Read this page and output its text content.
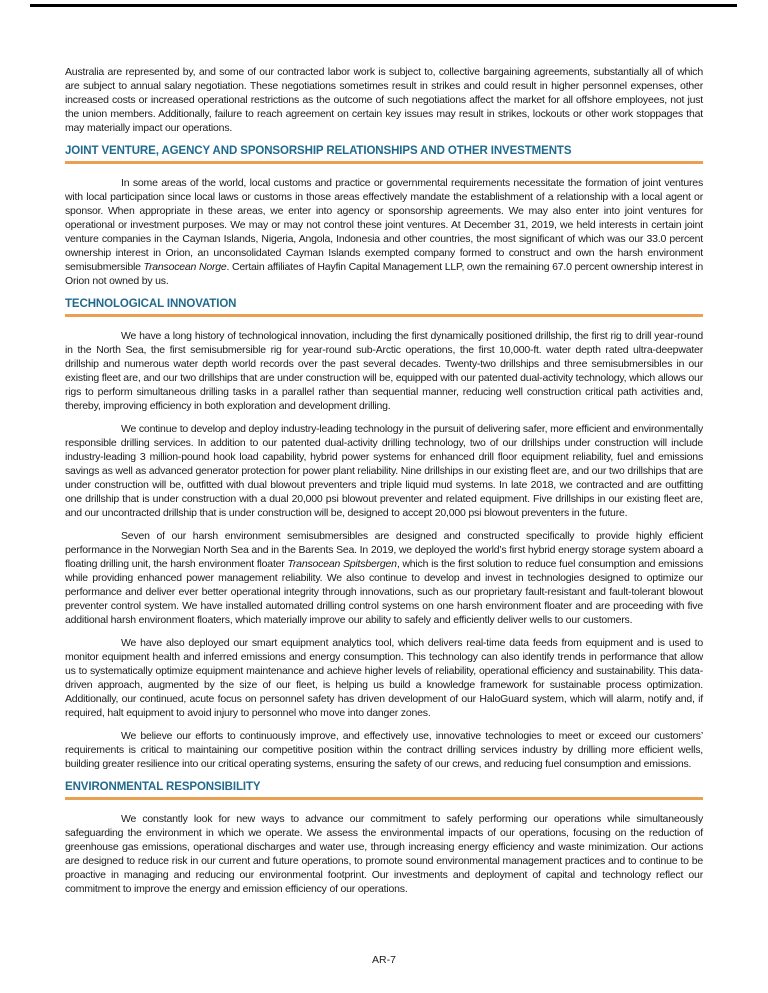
Australia are represented by, and some of our contracted labor work is subject to, collective bargaining agreements, substantially all of which are subject to annual salary negotiation. These negotiations sometimes result in strikes and could result in higher personnel expenses, other increased costs or increased operational restrictions as the outcome of such negotiations affect the market for all offshore employees, not just the union members. Additionally, failure to reach agreement on certain key issues may result in strikes, lockouts or other work stoppages that may materially impact our operations.

JOINT VENTURE, AGENCY AND SPONSORSHIP RELATIONSHIPS AND OTHER INVESTMENTS

In some areas of the world, local customs and practice or governmental requirements necessitate the formation of joint ventures with local participation since local laws or customs in those areas effectively mandate the establishment of a relationship with a local agent or sponsor. When appropriate in these areas, we enter into agency or sponsorship agreements. We may also enter into joint ventures for operational or investment purposes. We may or may not control these joint ventures. At December 31, 2019, we held interests in certain joint venture companies in the Cayman Islands, Nigeria, Angola, Indonesia and other countries, the most significant of which was our 33.0 percent ownership interest in Orion, an unconsolidated Cayman Islands exempted company formed to construct and own the harsh environment semisubmersible Transocean Norge. Certain affiliates of Hayfin Capital Management LLP, own the remaining 67.0 percent ownership interest in Orion not owned by us.

TECHNOLOGICAL INNOVATION

We have a long history of technological innovation, including the first dynamically positioned drillship, the first rig to drill year-round in the North Sea, the first semisubmersible rig for year-round sub-Arctic operations, the first 10,000-ft. water depth rated ultra-deepwater drillship and numerous water depth world records over the past several decades. Twenty-two drillships and three semisubmersibles in our existing fleet are, and our two drillships that are under construction will be, equipped with our patented dual-activity technology, which allows our rigs to perform simultaneous drilling tasks in a parallel rather than sequential manner, reducing well construction critical path activities and, thereby, improving efficiency in both exploration and development drilling.

We continue to develop and deploy industry-leading technology in the pursuit of delivering safer, more efficient and environmentally responsible drilling services. In addition to our patented dual-activity drilling technology, two of our drillships under construction will include industry-leading 3 million-pound hook load capability, hybrid power systems for enhanced drill floor equipment reliability, fuel and emissions savings as well as advanced generator protection for power plant reliability. Nine drillships in our existing fleet are, and our two drillships that are under construction will be, outfitted with dual blowout preventers and triple liquid mud systems. In late 2018, we contracted and are outfitting one drillship that is under construction with a dual 20,000 psi blowout preventer and related equipment. Five drillships in our existing fleet are, and our uncontracted drillship that is under construction will be, designed to accept 20,000 psi blowout preventers in the future.

Seven of our harsh environment semisubmersibles are designed and constructed specifically to provide highly efficient performance in the Norwegian North Sea and in the Barents Sea. In 2019, we deployed the world’s first hybrid energy storage system aboard a floating drilling unit, the harsh environment floater Transocean Spitsbergen, which is the first solution to reduce fuel consumption and emissions while providing enhanced power management reliability. We also continue to develop and invest in technologies designed to optimize our performance and deliver ever better operational integrity through innovations, such as our proprietary fault-resistant and fault-tolerant blowout preventer control system. We have installed automated drilling control systems on one harsh environment floater and are proceeding with five additional harsh environment floaters, which materially improve our ability to safely and efficiently deliver wells to our customers.

We have also deployed our smart equipment analytics tool, which delivers real-time data feeds from equipment and is used to monitor equipment health and inferred emissions and energy consumption. This technology can also identify trends in performance that allow us to systematically optimize equipment maintenance and achieve higher levels of reliability, operational efficiency and sustainability. This data-driven approach, augmented by the size of our fleet, is helping us build a knowledge framework for sustainable process optimization. Additionally, our continued, acute focus on personnel safety has driven development of our HaloGuard system, which will alarm, notify and, if required, halt equipment to avoid injury to personnel who move into danger zones.

We believe our efforts to continuously improve, and effectively use, innovative technologies to meet or exceed our customers’ requirements is critical to maintaining our competitive position within the contract drilling services industry by drilling more efficient wells, building greater resilience into our critical operating systems, ensuring the safety of our crews, and reducing fuel consumption and emissions.

ENVIRONMENTAL RESPONSIBILITY

We constantly look for new ways to advance our commitment to safely performing our operations while simultaneously safeguarding the environment in which we operate. We assess the environmental impacts of our operations, focusing on the reduction of greenhouse gas emissions, operational discharges and water use, through increasing energy efficiency and waste minimization. Our actions are designed to reduce risk in our current and future operations, to promote sound environmental management practices and to continue to be proactive in managing and reducing our environmental footprint. Our investments and deployment of capital and technology reflect our commitment to improve the energy and emission efficiency of our operations.

AR-7
